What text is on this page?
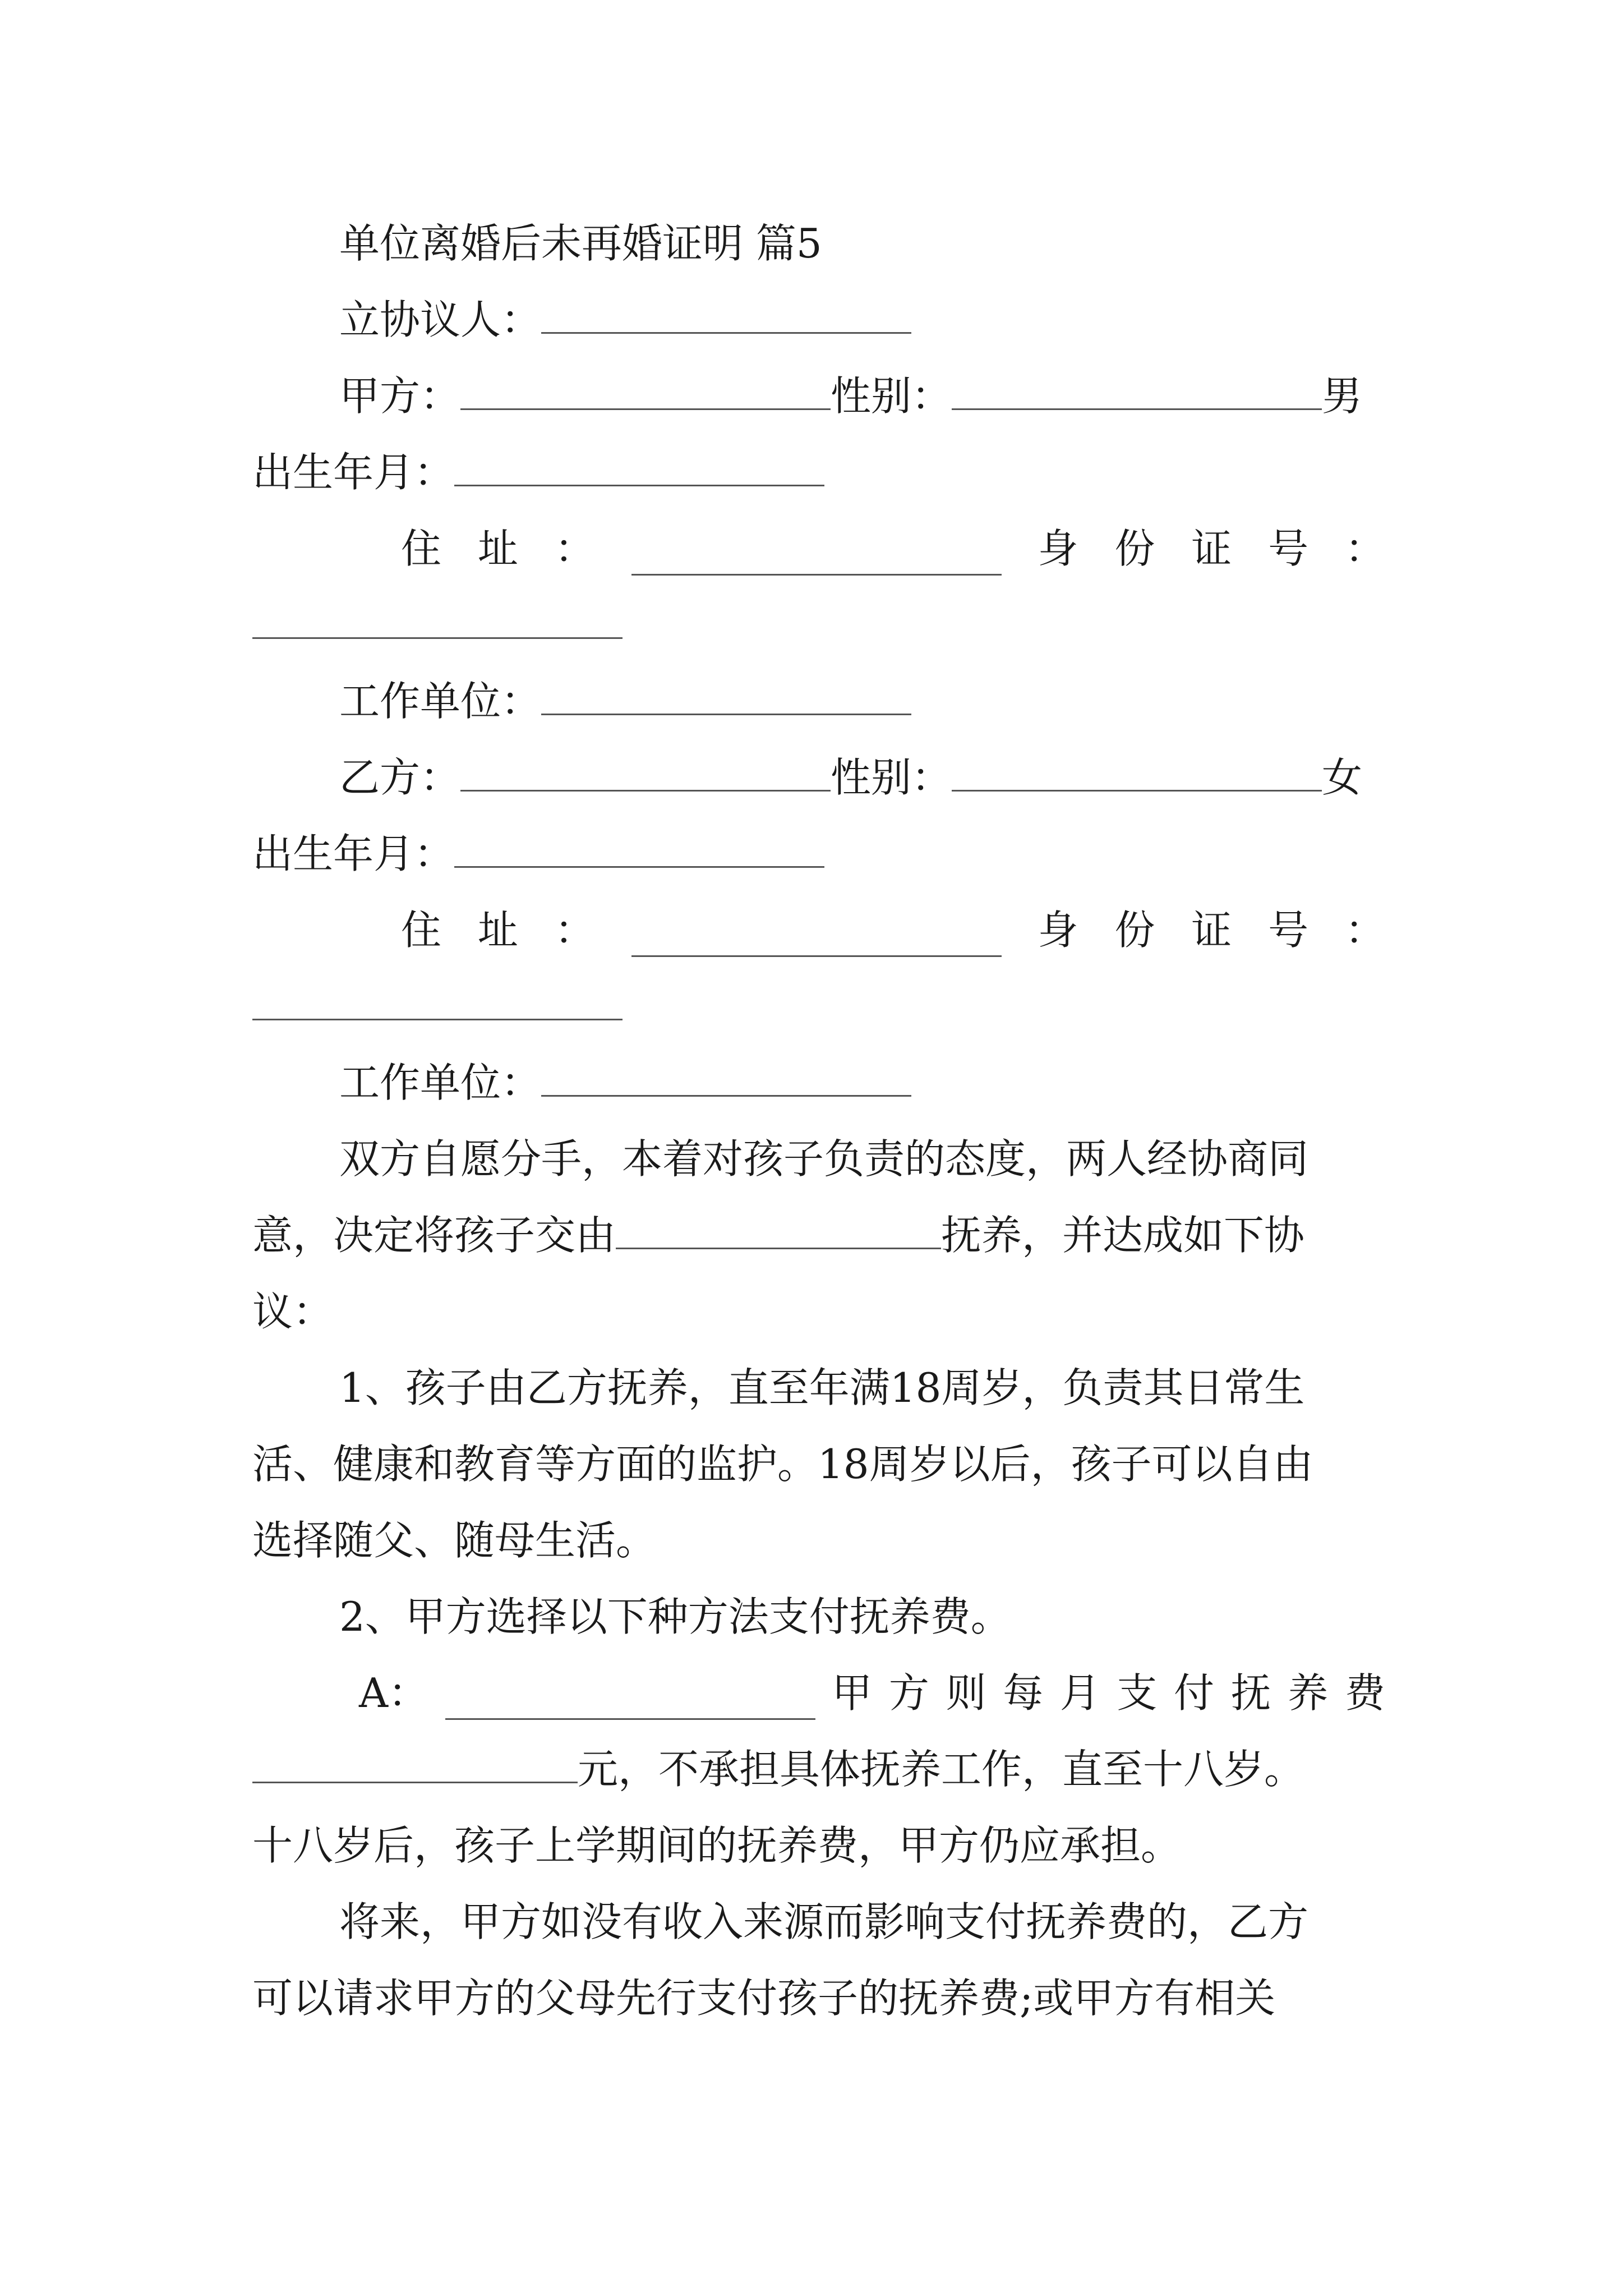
单位离婚后未再婚证明 篇5
立协议人：
甲方：	性别：	男
出生年月：
住 址 ：	身 份 证 号 ：
工作单位：
乙方：	性别：	女
出生年月：
住 址 ：	身 份 证 号 ：
工作单位：
双方自愿分手，本着对孩子负责的态度，两人经协商同
意，决定将孩子交由	抚养，并达成如下协
议：
1、孩子由乙方抚养，直至年满18周岁，负责其日常生
活、健康和教育等方面的监护。18周岁以后，孩子可以自由
选择随父、随母生活。
2、甲方选择以下种方法支付抚养费。
A：	甲 方 则 每 月 支 付 抚 养 费
元，不承担具体抚养工作，直至十八岁。
十八岁后，孩子上学期间的抚养费，甲方仍应承担。
将来，甲方如没有收入来源而影响支付抚养费的，乙方
可以请求甲方的父母先行支付孩子的抚养费;或甲方有相关
